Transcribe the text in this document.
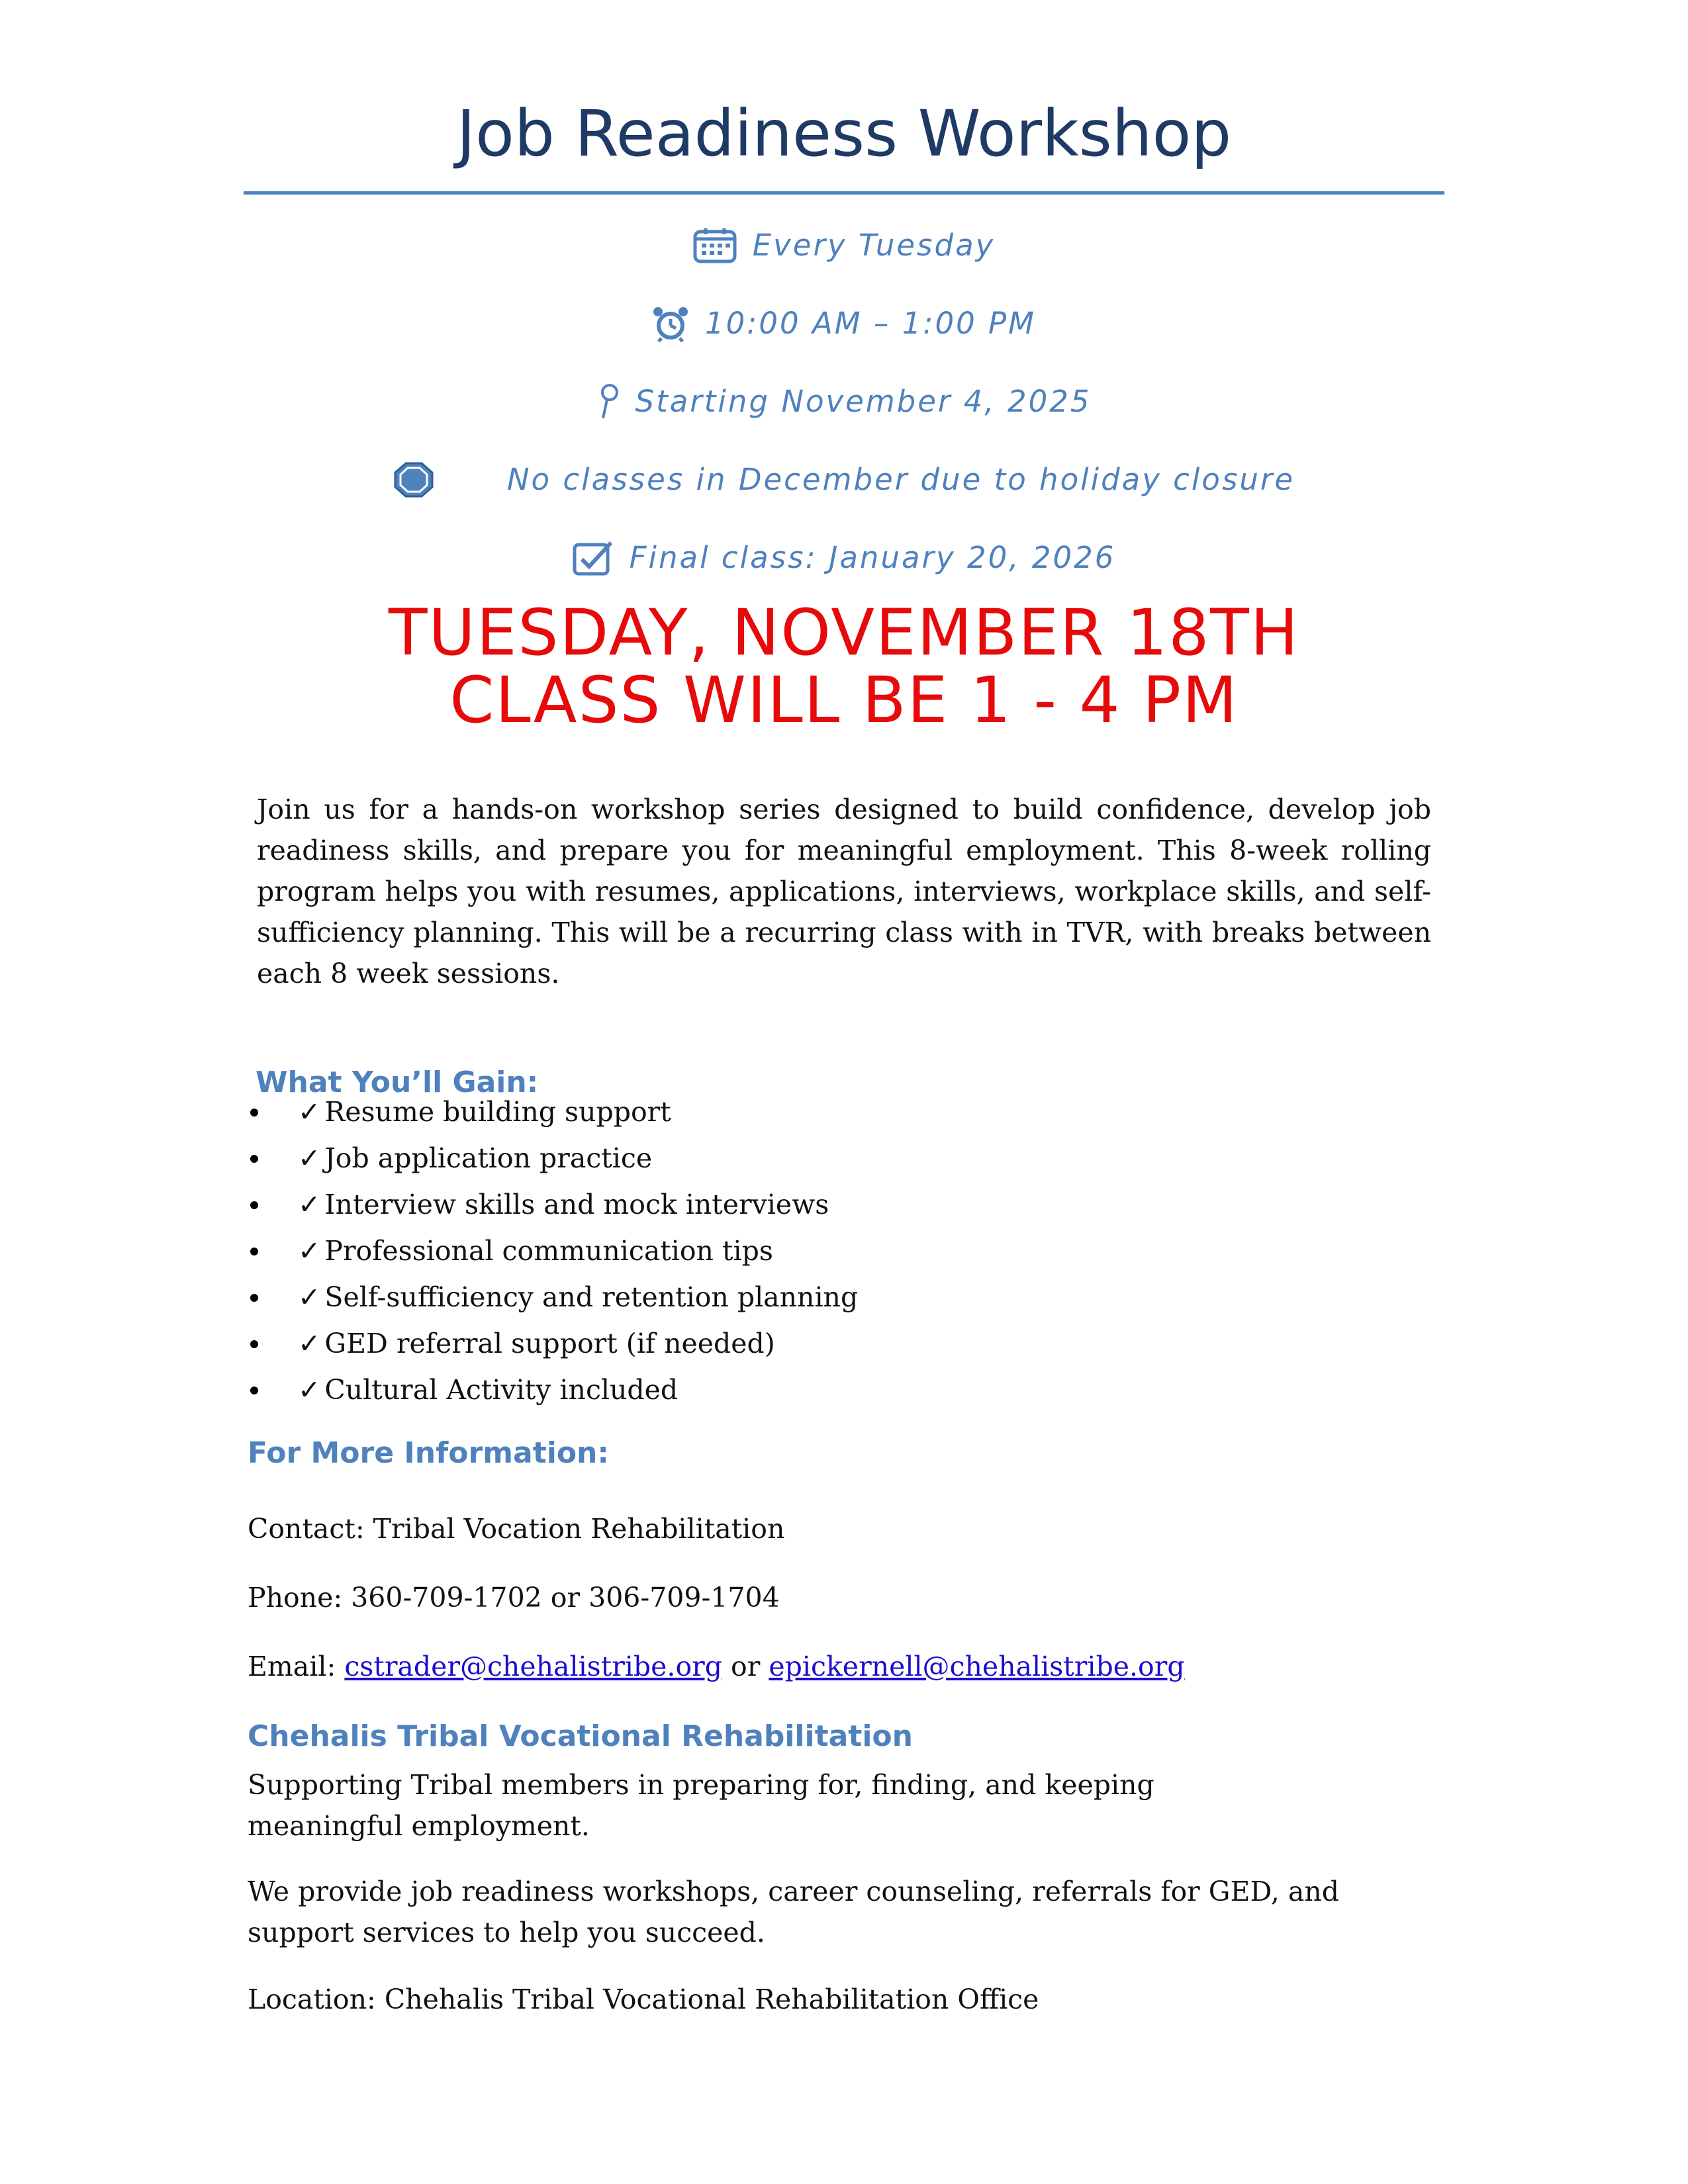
Job Readiness Workshop
Every Tuesday
10:00 AM – 1:00 PM
Starting November 4, 2025
No classes in December due to holiday closure
Final class: January 20, 2026
TUESDAY, NOVEMBER 18TH
CLASS WILL BE 1 - 4 PM
Join us for a hands-on workshop series designed to build confidence, develop job readiness skills, and prepare you for meaningful employment. This 8-week rolling program helps you with resumes, applications, interviews, workplace skills, and self-sufficiency planning. This will be a recurring class with in TVR, with breaks between each 8 week sessions.
What You’ll Gain:
✓ Resume building support
✓ Job application practice
✓ Interview skills and mock interviews
✓ Professional communication tips
✓ Self-sufficiency and retention planning
✓ GED referral support (if needed)
✓ Cultural Activity included
For More Information:
Contact: Tribal Vocation Rehabilitation
Phone: 360-709-1702 or 306-709-1704
Email: cstrader@chehalistribe.org or epickernell@chehalistribe.org
Chehalis Tribal Vocational Rehabilitation
Supporting Tribal members in preparing for, finding, and keeping meaningful employment.
We provide job readiness workshops, career counseling, referrals for GED, and support services to help you succeed.
Location: Chehalis Tribal Vocational Rehabilitation Office
